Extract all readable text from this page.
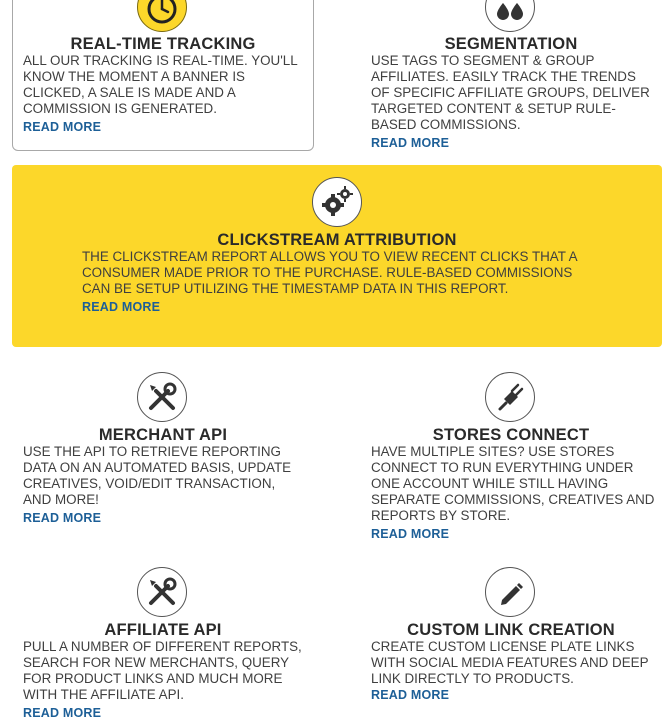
REAL-TIME TRACKING

ALL OUR TRACKING IS REAL-TIME. YOU'LL KNOW THE MOMENT A BANNER IS CLICKED, A SALE IS MADE AND A COMMISSION IS GENERATED.

READ MORE
SEGMENTATION

USE TAGS TO SEGMENT & GROUP AFFILIATES. EASILY TRACK THE TRENDS OF SPECIFIC AFFILIATE GROUPS, DELIVER TARGETED CONTENT & SETUP RULE-BASED COMMISSIONS.

READ MORE
CLICKSTREAM ATTRIBUTION

THE CLICKSTREAM REPORT ALLOWS YOU TO VIEW RECENT CLICKS THAT A CONSUMER MADE PRIOR TO THE PURCHASE. RULE-BASED COMMISSIONS CAN BE SETUP UTILIZING THE TIMESTAMP DATA IN THIS REPORT.

READ MORE
MERCHANT API

USE THE API TO RETRIEVE REPORTING DATA ON AN AUTOMATED BASIS, UPDATE CREATIVES, VOID/EDIT TRANSACTION, AND MORE!

READ MORE
STORES CONNECT

HAVE MULTIPLE SITES? USE STORES CONNECT TO RUN EVERYTHING UNDER ONE ACCOUNT WHILE STILL HAVING SEPARATE COMMISSIONS, CREATIVES AND REPORTS BY STORE.

READ MORE
AFFILIATE API

PULL A NUMBER OF DIFFERENT REPORTS, SEARCH FOR NEW MERCHANTS, QUERY FOR PRODUCT LINKS AND MUCH MORE WITH THE AFFILIATE API.

READ MORE
CUSTOM LINK CREATION

CREATE CUSTOM LICENSE PLATE LINKS WITH SOCIAL MEDIA FEATURES AND DEEP LINK DIRECTLY TO PRODUCTS.

READ MORE
